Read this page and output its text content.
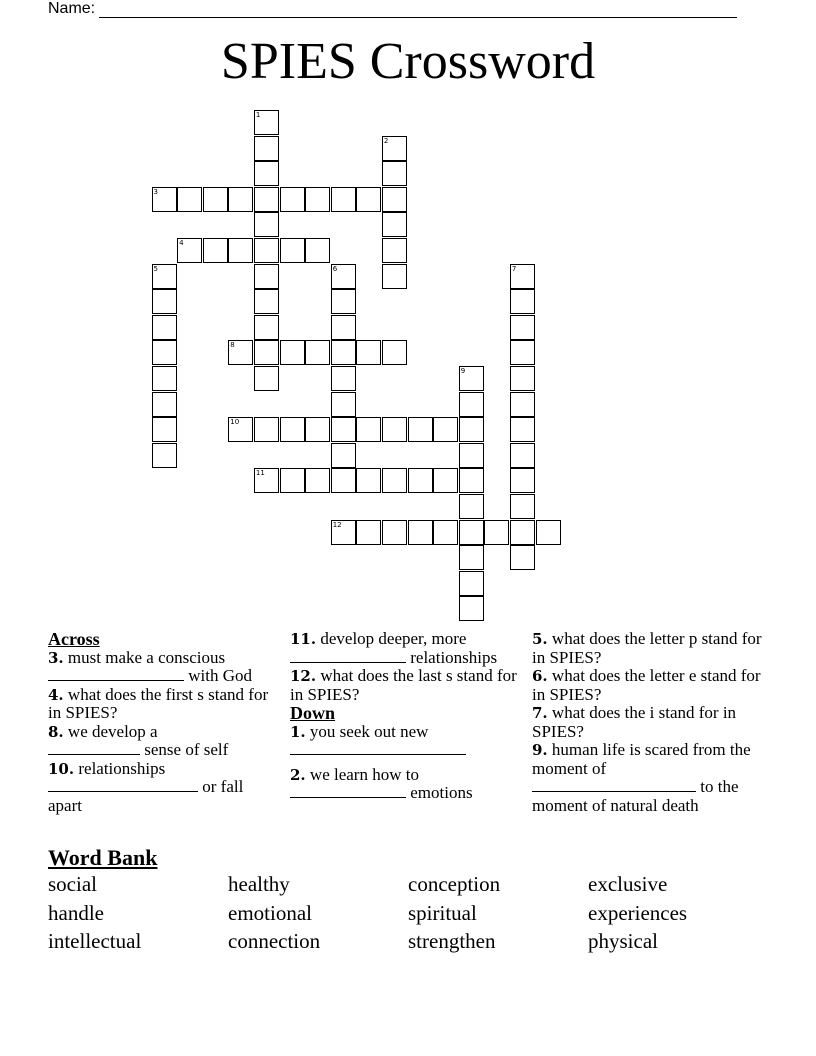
Name:
SPIES Crossword
1
2
3
4
5	6	7
8
9
10
11
12
Across
3. must make a conscious
with God
4. what does the first s stand for in SPIES?
8. we develop a
sense of self
10. relationships
or fall apart
11. develop deeper, more
relationships
12. what does the last s stand for in SPIES?
Down
1. you seek out new

2. we learn how to
emotions
5. what does the letter p stand for in SPIES?
6. what does the letter e stand for in SPIES?
7. what does the i stand for in SPIES?
9. human life is scared from the moment of
to the moment of natural death
Word Bank
social	healthy	conception	exclusive
handle	emotional	spiritual	experiences
intellectual	connection	strengthen	physical
